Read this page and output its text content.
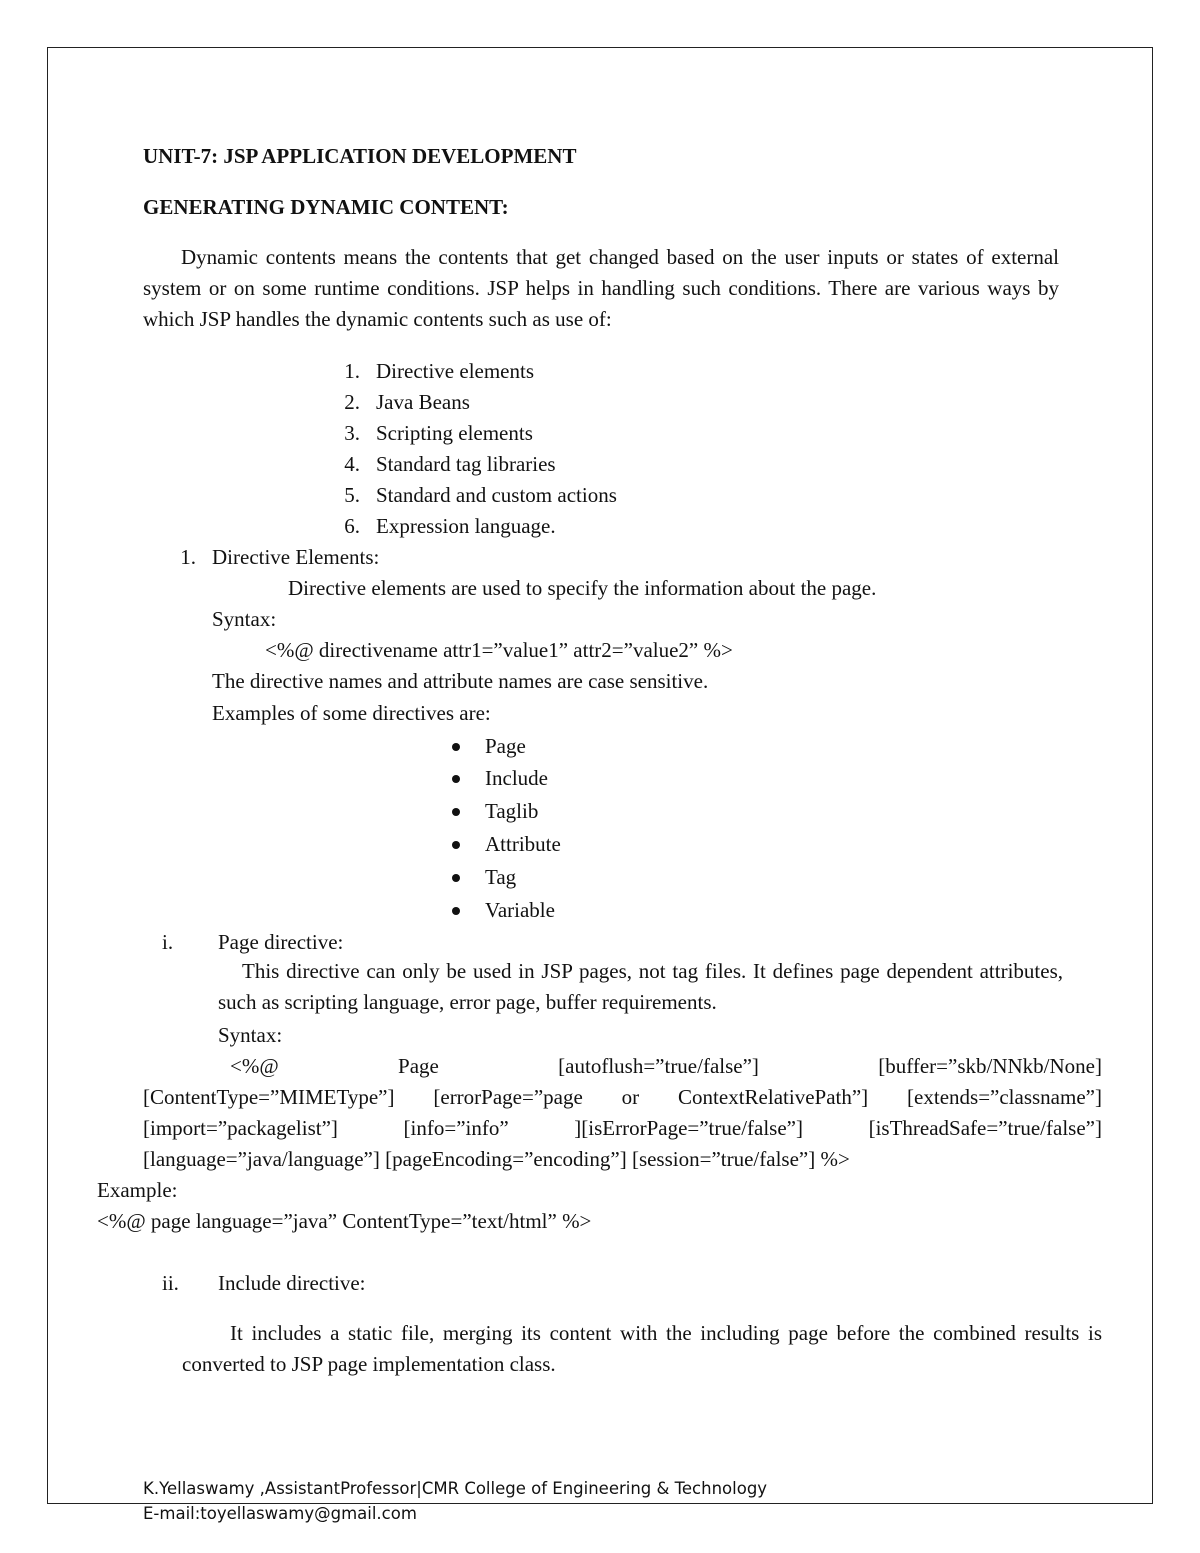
UNIT-7: JSP APPLICATION DEVELOPMENT
GENERATING DYNAMIC CONTENT:
Dynamic contents means the contents that get changed based on the user inputs or states of external system or on some runtime conditions. JSP helps in handling such conditions. There are various ways by which JSP handles the dynamic contents such as use of:
1. Directive elements
2. Java Beans
3. Scripting elements
4. Standard tag libraries
5. Standard and custom actions
6. Expression language.
1. Directive Elements:
Directive elements are used to specify the information about the page.
Syntax:
<%@ directivename attr1=”value1” attr2=”value2” %>
The directive names and attribute names are case sensitive.
Examples of some directives are:
Page
Include
Taglib
Attribute
Tag
Variable
i. Page directive:
This directive can only be used in JSP pages, not tag files. It defines page dependent attributes, such as scripting language, error page, buffer requirements.
Syntax:
<%@	Page	[autoflush=”true/false”]	[buffer=”skb/NNkb/None]
[ContentType=”MIMEType”] [errorPage=”page or ContextRelativePath”] [extends=”classname”]
[import=”packagelist”]	[info=”info”	][isErrorPage=”true/false”]	[isThreadSafe=”true/false”]
[language=”java/language”] [pageEncoding=”encoding”] [session=”true/false”] %>
Example:
<%@ page language=”java” ContentType=”text/html” %>
ii. Include directive:
It includes a static file, merging its content with the including page before the combined results is converted to JSP page implementation class.
K.Yellaswamy ,AssistantProfessor|CMR College of Engineering & Technology
E-mail:toyellaswamy@gmail.com
